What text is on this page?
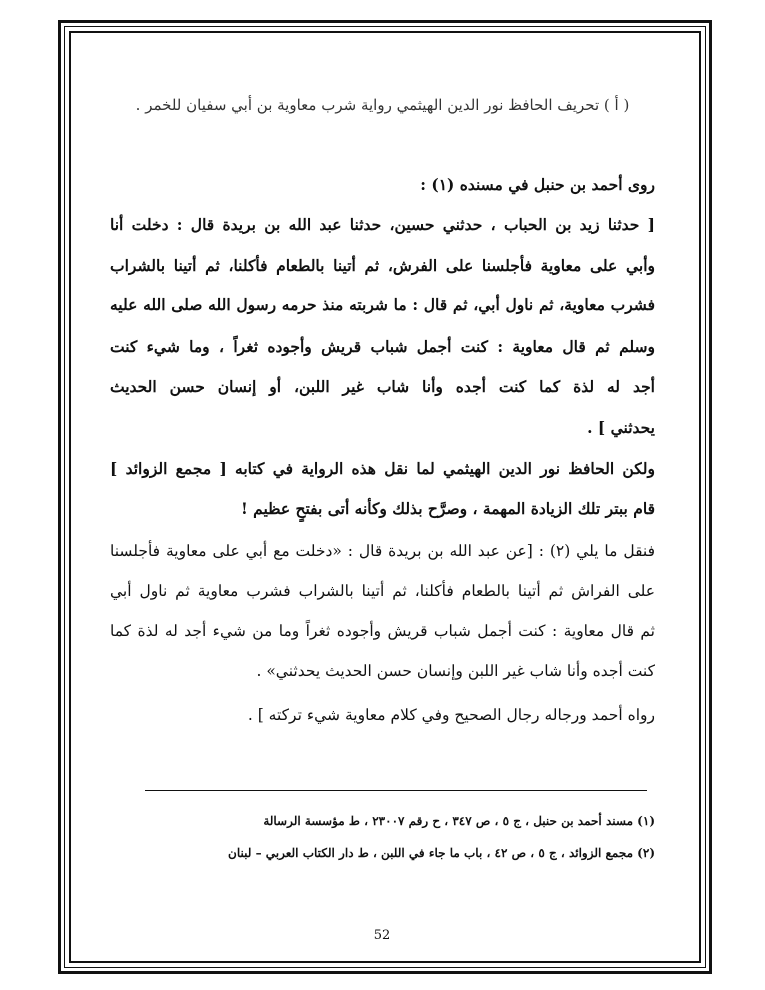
( أ ) تحريف الحافظ نور الدين الهيثمي رواية شرب معاوية بن أبي سفيان للخمر .
روى أحمد بن حنبل في مسنده (١) :
[ حدثنا زيد بن الحباب ، حدثني حسين، حدثنا عبد الله بن بريدة قال : دخلت أنا
وأبي على معاوية فأجلسنا على الفرش، ثم أتينا بالطعام فأكلنا، ثم أتينا بالشراب
فشرب معاوية، ثم ناول أبي، ثم قال : ما شربته منذ حرمه رسول الله صلى الله عليه
وسلم ثم قال معاوية : كنت أجمل شباب قريش وأجوده ثغراً ، وما شيء كنت
أجد له لذة كما كنت أجده وأنا شاب غير اللبن، أو إنسان حسن الحديث
يحدثني ] .
ولكن الحافظ نور الدين الهيثمي لما نقل هذه الرواية في كتابه [ مجمع الزوائد ]
قام ببتر تلك الزيادة المهمة ، وصرَّح بذلك وكأنه أتى بفتحٍ عظيم !
فنقل ما يلي (٢) : [عن عبد الله بن بريدة قال : «دخلت مع أبي على معاوية فأجلسنا
على الفراش ثم أتينا بالطعام فأكلنا، ثم أتينا بالشراب فشرب معاوية ثم ناول أبي
ثم قال معاوية : كنت أجمل شباب قريش وأجوده ثغراً وما من شيء أجد له لذة كما
كنت أجده وأنا شاب غير اللبن وإنسان حسن الحديث يحدثني» .
رواه أحمد ورجاله رجال الصحيح وفي كلام معاوية شيء تركته ] .
(١) مسند أحمد بن حنبل ، ج ٥ ، ص ٣٤٧ ، ح رقم ٢٣٠٠٧ ، ط مؤسسة الرسالة
(٢) مجمع الزوائد ، ج ٥ ، ص ٤٢ ، باب ما جاء في اللبن ، ط دار الكتاب العربي – لبنان
52
